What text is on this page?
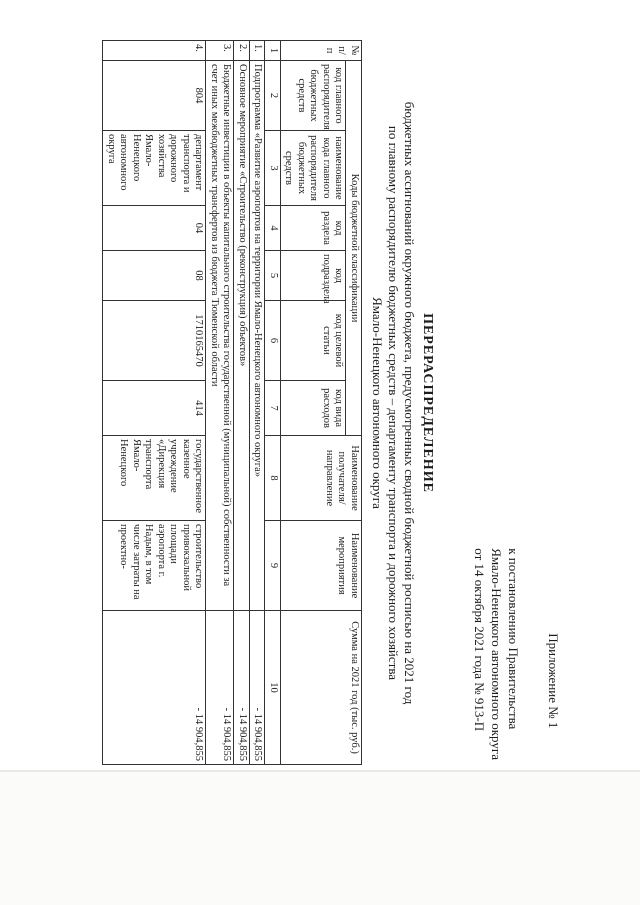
Приложение № 1
к постановлению Правительства
Ямало-Ненецкого автономного округа
от 14 октября 2021 года № 913-П
ПЕРЕРАСПРЕДЕЛЕНИЕ
бюджетных ассигнований окружного бюджета, предусмотренных сводной бюджетной росписью на 2021 год
по главному распорядителю бюджетных средств – департаменту транспорта и дорожного хозяйства
Ямало-Ненецкого автономного округа
№ п/п	Коды бюджетной классификации						Наименование получателя/ направление	Наименование мероприятия	Сумма на 2021 год (тыс. руб.)
	код главного распорядителя бюджетных средств	наименование кода главного распорядителя бюджетных средств	код раздела	код подраздела	код целевой статьи	код вида расходов			
1	2	3	4	5	6	7	8	9	10
1.	Подпрограмма «Развитие аэропортов на территории Ямало-Ненецкого автономного округа»								- 14 904,855
2.	Основное мероприятие «Строительство (реконструкция) объектов»								- 14 904,855
3.	Бюджетные инвестиции в объекты капитального строительства государственной (муниципальной) собственности за счет иных межбюджетных трансфертов из бюджета Тюменской области								- 14 904,855
4.	804	департамент транспорта и дорожного хозяйства Ямало-Ненецкого автономного округа	04	08	1710165470	414	государственное казенное учреждение «Дирекция транспорта Ямало-Ненецкого	строительство привокзальной площади аэропорта г. Надым, в том числе затраты на проектно-	- 14 904,855
